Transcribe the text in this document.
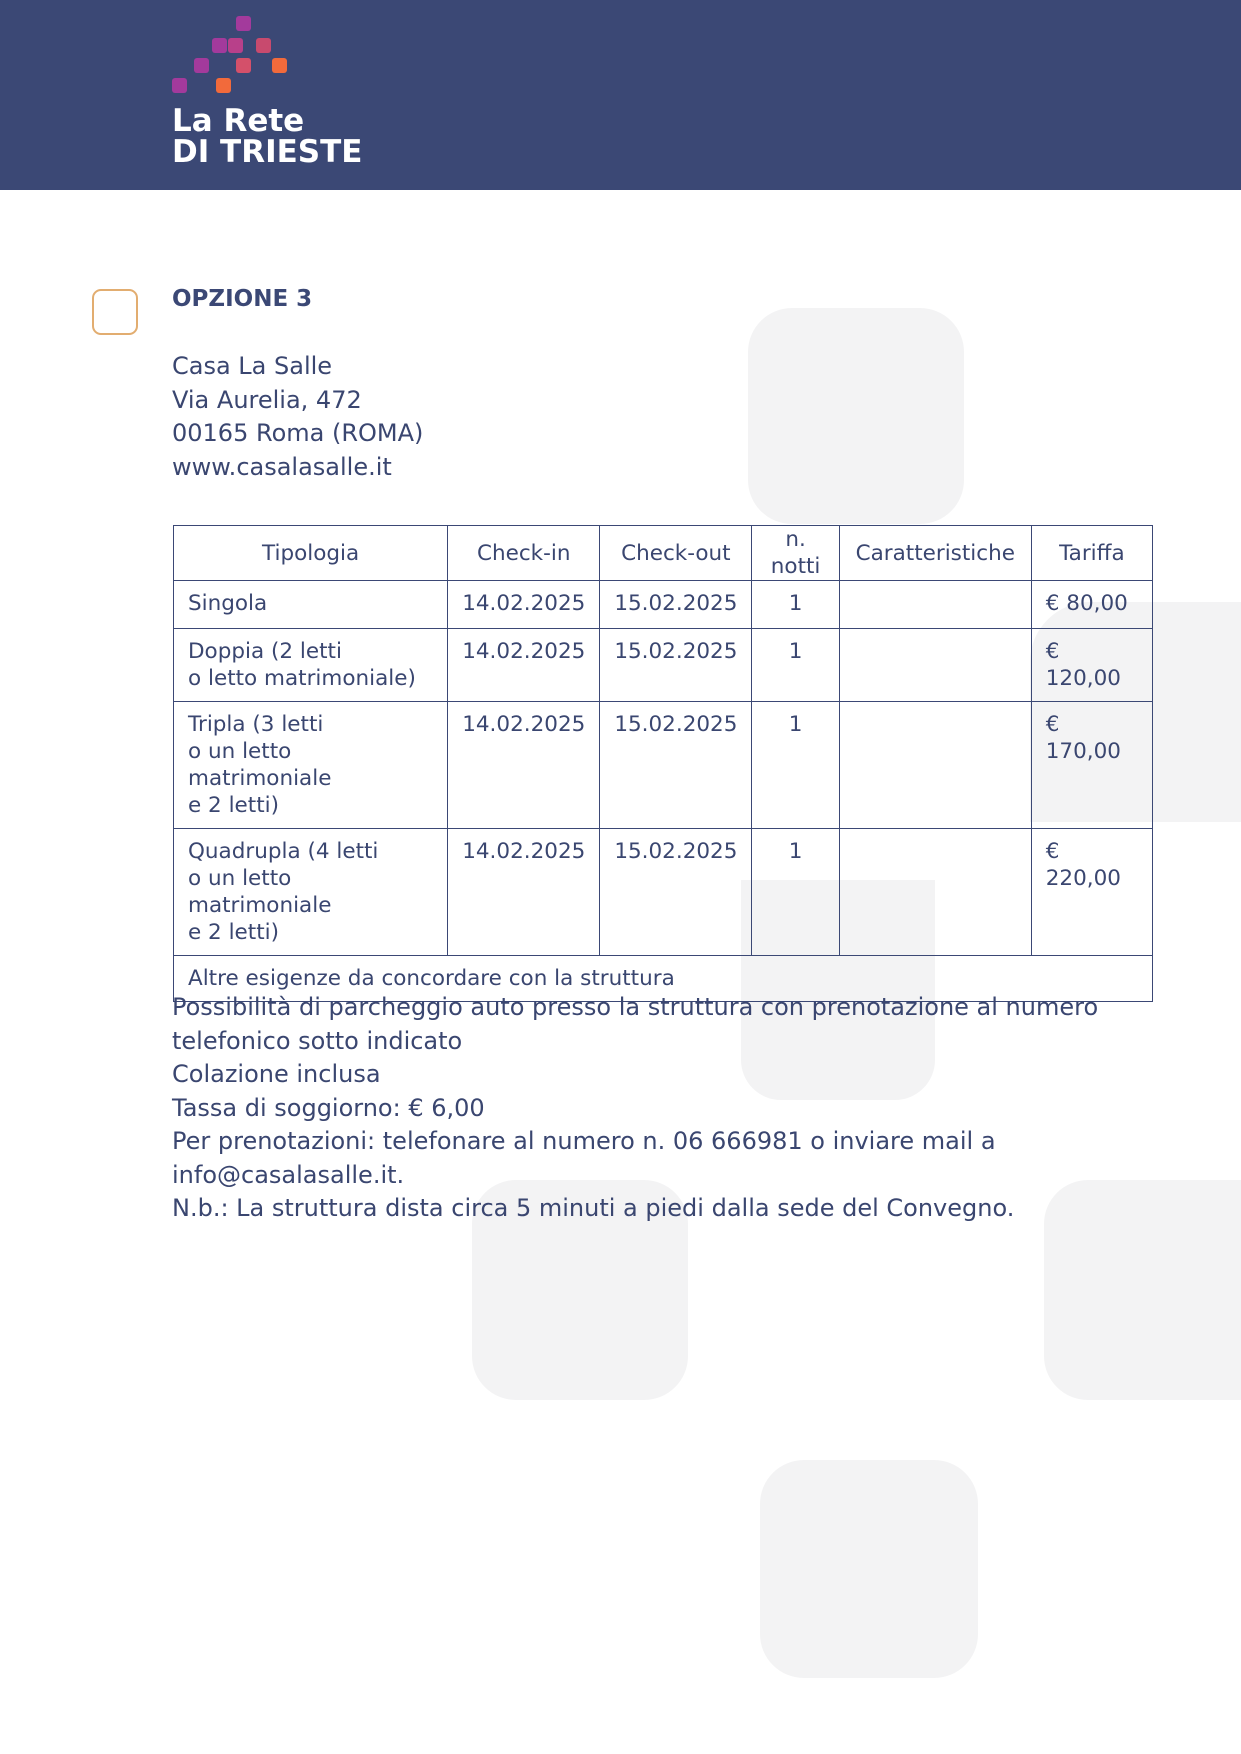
La Rete
DI TRIESTE
OPZIONE 3
Casa La Salle
Via Aurelia, 472
00165 Roma (ROMA)
www.casalasalle.it
Tipologia	Check-in	Check-out	n. notti	Caratteristiche	Tariffa

Singola	14.02.2025	15.02.2025	1		€ 80,00

Doppia (2 letti
o letto matrimoniale)	14.02.2025	15.02.2025	1		€ 120,00

Tripla (3 letti
o un letto matrimoniale
e 2 letti)	14.02.2025	15.02.2025	1		€ 170,00

Quadrupla (4 letti
o un letto matrimoniale
e 2 letti)	14.02.2025	15.02.2025	1		€ 220,00
Altre esigenze da concordare con la struttura					
Possibilità di parcheggio auto presso la struttura con prenotazione al numero telefonico sotto indicato
Colazione inclusa
Tassa di soggiorno: € 6,00
Per prenotazioni: telefonare al numero n. 06 666981 o inviare mail a info@casalasalle.it.
N.b.: La struttura dista circa 5 minuti a piedi dalla sede del Convegno.
